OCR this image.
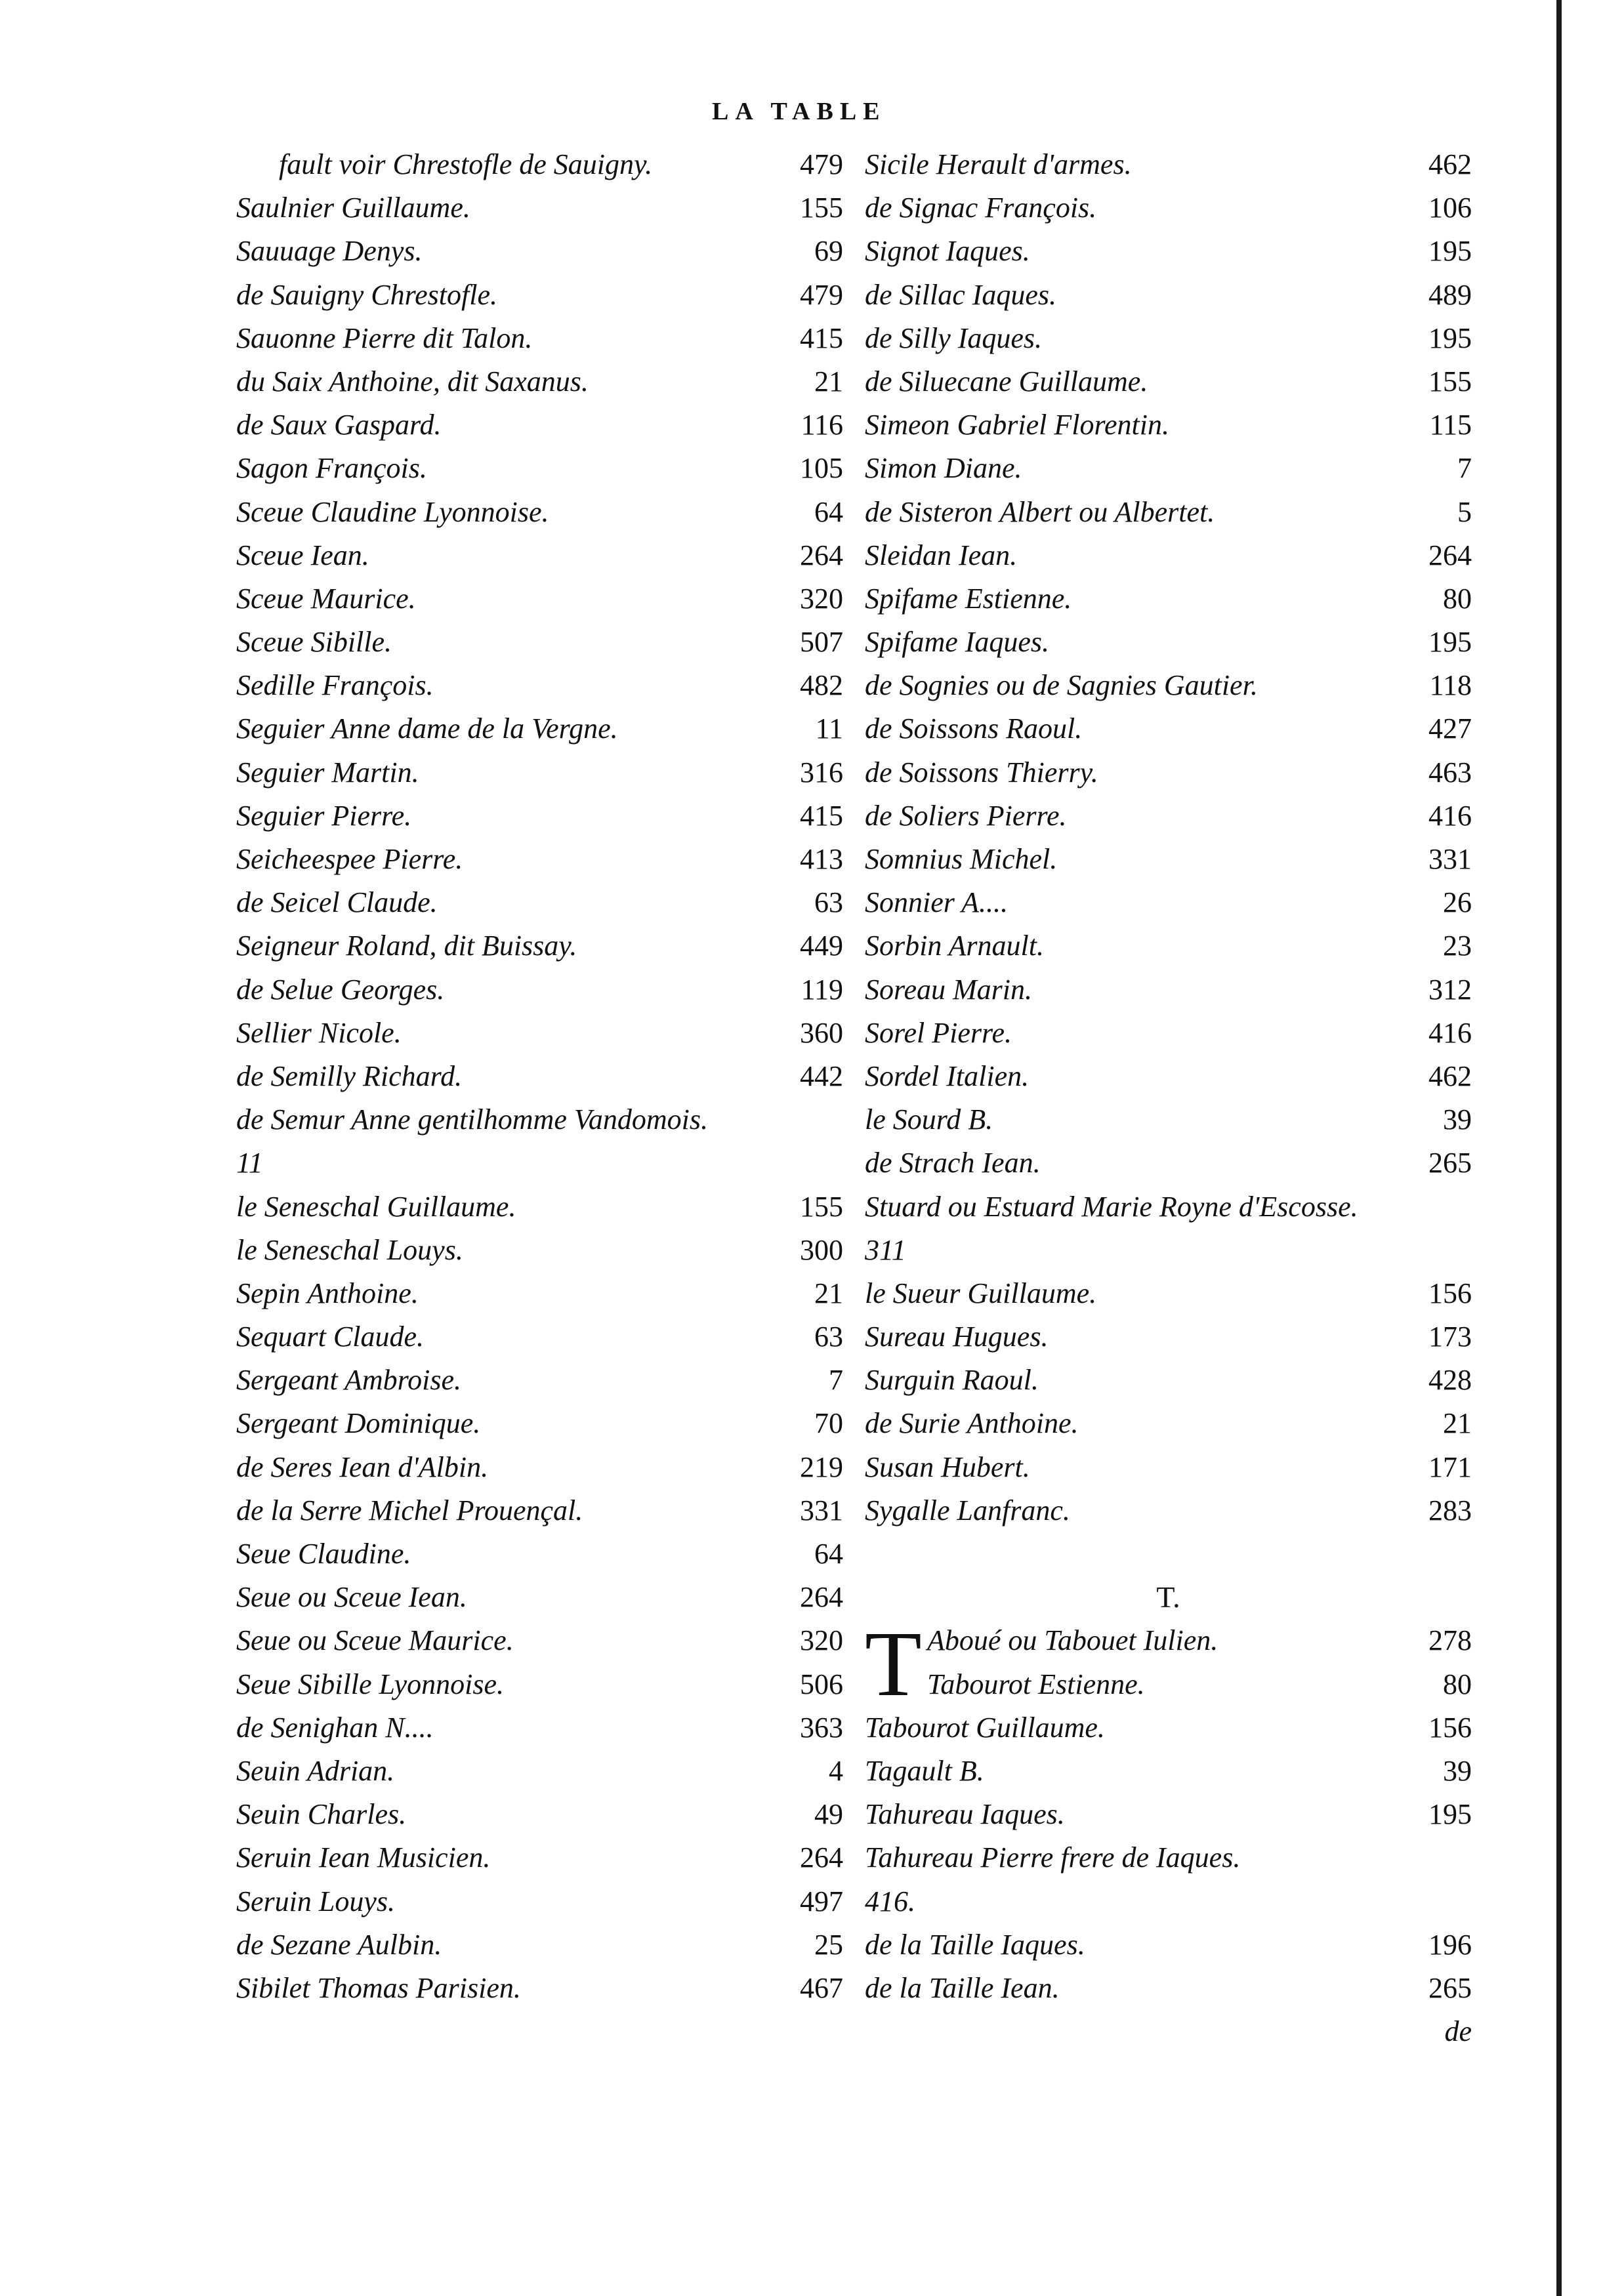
LA TABLE
fault voir Chrestofle de Sauigny.	479
Saulnier Guillaume.	155
Sauuage Denys.	69
de Sauigny Chrestofle.	479
Sauonne Pierre dit Talon.	415
du Saix Anthoine, dit Saxanus.	21
de Saux Gaspard.	116
Sagon François.	105
Sceue Claudine Lyonnoise.	64
Sceue Iean.	264
Sceue Maurice.	320
Sceue Sibille.	507
Sedille François.	482
Seguier Anne dame de la Vergne.	11
Seguier Martin.	316
Seguier Pierre.	415
Seicheespee Pierre.	413
de Seicel Claude.	63
Seigneur Roland, dit Buissay.	449
de Selue Georges.	119
Sellier Nicole.	360
de Semilly Richard.	442
de Semur Anne gentilhomme Vandomois.
11
le Seneschal Guillaume.	155
le Seneschal Louys.	300
Sepin Anthoine.	21
Sequart Claude.	63
Sergeant Ambroise.	7
Sergeant Dominique.	70
de Seres Iean d'Albin.	219
de la Serre Michel Prouençal.	331
Seue Claudine.	64
Seue ou Sceue Iean.	264
Seue ou Sceue Maurice.	320
Seue Sibille Lyonnoise.	506
de Senighan N....	363
Seuin Adrian.	4
Seuin Charles.	49
Seruin Iean Musicien.	264
Seruin Louys.	497
de Sezane Aulbin.	25
Sibilet Thomas Parisien.	467
Sicile Herault d'armes.	462
de Signac François.	106
Signot Iaques.	195
de Sillac Iaques.	489
de Silly Iaques.	195
de Siluecane Guillaume.	155
Simeon Gabriel Florentin.	115
Simon Diane.	7
de Sisteron Albert ou Albertet.	5
Sleidan Iean.	264
Spifame Estienne.	80
Spifame Iaques.	195
de Sognies ou de Sagnies Gautier.	118
de Soissons Raoul.	427
de Soissons Thierry.	463
de Soliers Pierre.	416
Somnius Michel.	331
Sonnier A....	26
Sorbin Arnault.	23
Soreau Marin.	312
Sorel Pierre.	416
Sordel Italien.	462
le Sourd B.	39
de Strach Iean.	265
Stuard ou Estuard Marie Royne d'Escosse.
311
le Sueur Guillaume.	156
Sureau Hugues.	173
Surguin Raoul.	428
de Surie Anthoine.	21
Susan Hubert.	171
Sygalle Lanfranc.	283
T.
T Aboué ou Tabouet Iulien.	278
Tabourot Estienne.	80
Tabourot Guillaume.	156
Tagault B.	39
Tahureau Iaques.	195
Tahureau Pierre frere de Iaques.
416.
de la Taille Iaques.	196
de la Taille Iean.	265
de
